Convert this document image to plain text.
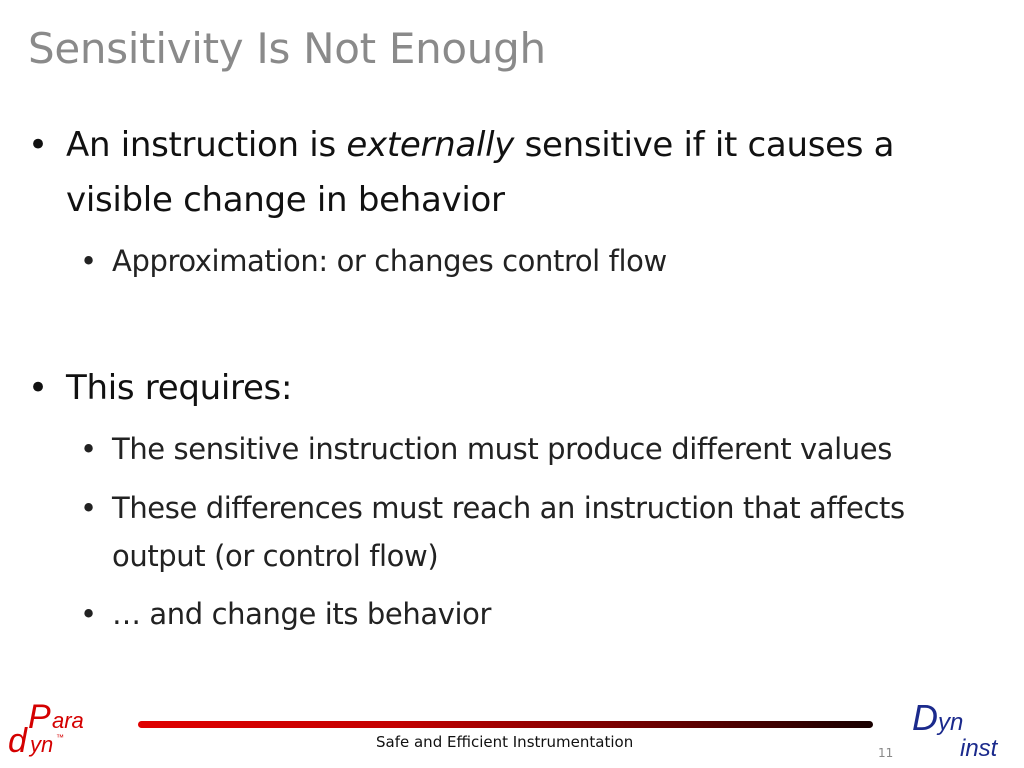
Sensitivity Is Not Enough
• An instruction is externally sensitive if it causes a visible change in behavior
• Approximation: or changes control flow
• This requires:
• The sensitive instruction must produce different values
• These differences must reach an instruction that affects output (or control flow)
• … and change its behavior
P ara
d yn ™	Safe and Efficient Instrumentation
11
D yn
inst
